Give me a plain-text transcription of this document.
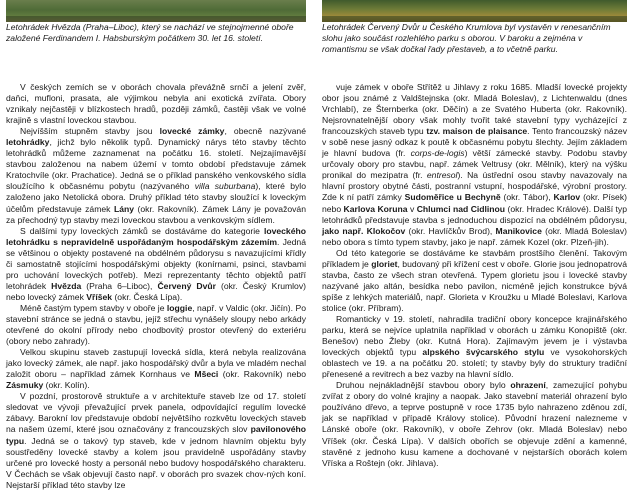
Letohrádek Hvězda (Praha–Liboc), který se nachází ve stejnojmenné oboře založené Ferdinandem I. Habsburským počátkem 30. let 16. století.

Letohrádek Červený Dvůr u Českého Krumlova byl vystavěn v renesančním slohu jako součást rozlehlého parku s oborou. V baroku a zejména v romantismu se však dočkal řady přestaveb, a to včetně parku.

V českých zemích se v oborách chovala převážně srnčí a jelení zvěř, daňci, mufloni, prasata, ale výjimkou nebyla ani exotická zvířata. Obory vznikaly nejčastěji v blízkostech hradů, později zámků, častěji však ve volné krajině s vlastní loveckou stavbou.

Nejvíšším stupněm stavby jsou lovecké zámky, obecně nazývané letohrádky, jichž bylo několik typů. Dynamický nárys této stavby těchto letohrádků můžeme zaznamenat na počátku 16. století. Nejzajímavější stavbou založenou na nabem úžemí v tomto období představuje zámek Kratochvíle (okr. Prachatice). Jedná se o příklad panského venkovského sídla sloužícího k občasnému pobytu (nazývaného villa suburbana), které bylo založeno jako Netolická obora. Druhý příklad této stavby sloužící k loveckým účelům představuje zámek Lány (okr. Rakovník). Zámek Lány je považován za přechodný typ stavby mezi loveckou stavbou a venkovským sídlem.

S dalšími typy loveckých zámků se dostáváme do kategorie loveckého letohrádku s nepravidelně uspořádaným hospodářským zázemím. Jedná se většinou o objekty postavené na obdélném půdorysu s navazujícími křídly či samostatně stojícími hospodářskými objekty (konírnami, psinci, stavbami pro uchování loveckých potřeb). Mezi reprezentanty těchto objektů patří letohrádek Hvězda (Praha 6–Liboc), Červený Dvůr (okr. Český Krumlov) nebo lovecký zámek Vříšek (okr. Česká Lípa).

Méně častým typem stavby v oboře je loggie, např. v Valdic (okr. Jičín). Po stavební stránce se jedná o stavbu, jejíž střechu vynášely sloupy nebo arkády otevřené do okolní přírody nebo chodbovitý prostor otevřený do exteriéru (obory nebo zahrady).

Velkou skupinu staveb zastupují lovecká sídla, která nebyla realizována jako lovecký zámek, ale např. jako hospodářský dvůr a byla ve mladém nechal založit oboru – například zámek Kornhaus ve Mšeci (okr. Rakovník) nebo Zásmuky (okr. Kolín).

V pozdní, prostorově struktuře a v architektuře staveb lze od 17. století sledovat ve vývoji převažující prvek panela, odpovídající regulím lovecké zábavy. Barokní lov představuje období největšího rozkvětu loveckých staveb na našem území, které jsou označovány z francouzských slov pavilonového typu. Jedná se o takový typ staveb, kde v jednom hlavním objektu byly soustředěny lovecké stavby a kolem jsou pravidelně uspořádány stavby určené pro lovecké hosty a personál nebo budovy hospodářského charakteru. V Čechách se však objevují často např. v oborách pro svazek chov-ných koní. Nejstarší příklad této stavby lze

vuje zámek v oboře Střítěž u Jihlavy z roku 1685. Mladší lovecké projekty obor jsou známé z Valdštejnska (okr. Mladá Boleslav), z Lichtenwaldu (dnes Vrchlabí), ze Šternberka (okr. Děčín) a ze Svatého Huberta (okr. Rakovník). Nejsrovnatelnější obory však mohly tvořit také stavební typy vycházející z francouzských staveb typu tzv. maison de plaisance. Tento francouzský název v sobě nese jasný odkaz k poutě k občasnému pobytu šlechty. Jejím základem je hlavní budova (fr. corps-de-logis) větší zámecké stavby. Podobu stavby určovaly obory pro stavbu, např. zámek Veltrusy (okr. Mělník), který na výšku pronikal do mezipatra (fr. entresol). Na ústřední osou stavby navazovaly na hlavní prostory obytné části, postranní vstupní, hospodářské, výrobní prostory. Zde k ní patří zámky Sudoměřice u Bechyně (okr. Tábor), Karlov (okr. Písek) nebo Karlova Koruna v Chlumci nad Cidlinou (okr. Hradec Králové). Další typ letohrádků představuje stavba s jednoduchou dispozicí na obdélném půdorysu, jako např. Klokočov (okr. Havlíčkův Brod), Manikovice (okr. Mladá Boleslav) nebo obora s tímto typem stavby, jako je např. zámek Kozel (okr. Plzeň-jih).

Od této kategorie se dostáváme ke stavbám prostšího členění. Takovým příkladem je gloriet, budovaný při křížení cest v oboře. Glorie jsou jednopatrová stavba, často ze všech stran otevřená. Typem glorietu jsou i lovecké stavby nazývané jako altán, besídka nebo pavilon, nicméně jejich konstrukce bývá spíše z lehkých materiálů, např. Glorieta v Kroužku u Mladé Boleslavi, Karlova stolice (okr. Příbram).

Romanticky v 19. století, nahradila tradiční obory koncepce krajinářského parku, která se nejvíce uplatnila například v oborách u zámku Konopiště (okr. Benešov) nebo Žleby (okr. Kutná Hora). Zajímavým jevem je i výstavba loveckých objektů typu alpského švýcarského stylu ve vysokohorských oblastech ve 19. a na počátku 20. století; ty stavby byly do struktury tradiční přenesené a revitrech a bez vazby na hlavní sídlo.

Druhou nejnákladnější stavbou obory bylo ohrazení, zamezující pohybu zvířat z obory do volné krajiny a naopak. Jako stavební materiál ohrazení bylo používáno dřevo, a teprve postupně v roce 1735 bylo nahrazeno zděnou zdí, jak se například v případě Královy stolice). Původní hrazení nalezneme v Lánské oboře (okr. Rakovník), v oboře Zehrov (okr. Mladá Boleslav) nebo Vříšek (okr. Česká Lípa). V dalších obořích se objevuje zdění a kamenné, stavěné z jednoho kusu kamene a dochované v nejstarších oborách kolem Vříska a Roštejn (okr. Jihlava).
